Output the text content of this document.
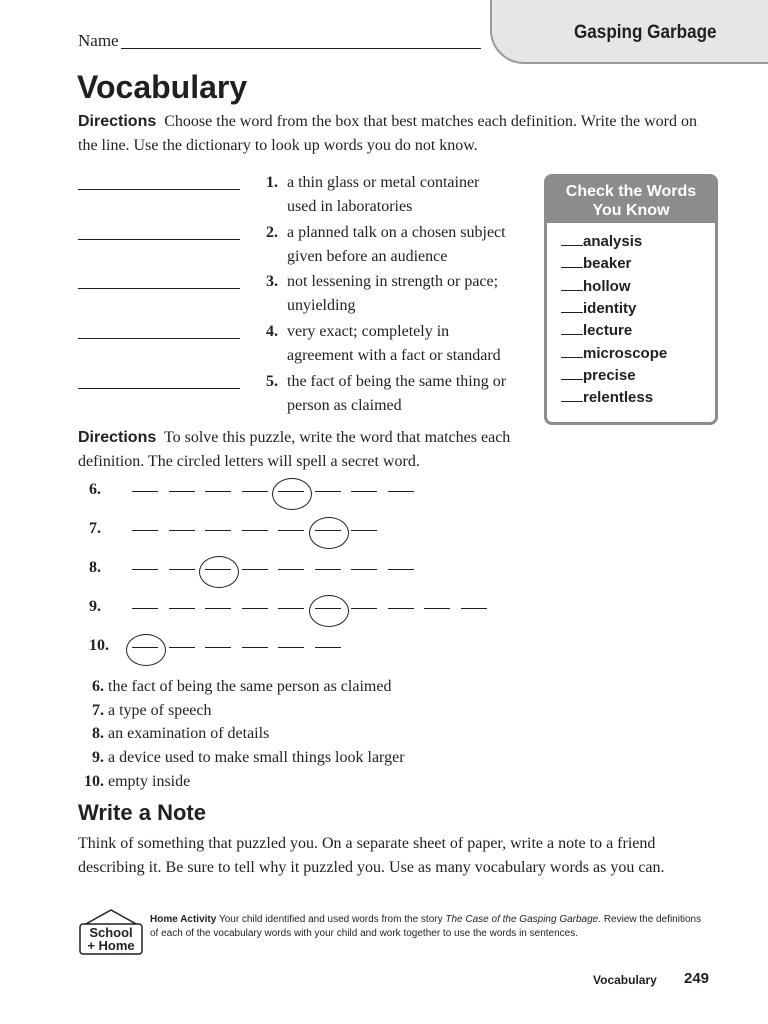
Gasping Garbage
Name
Vocabulary
Directions Choose the word from the box that best matches each definition. Write the word on the line. Use the dictionary to look up words you do not know.
1. a thin glass or metal container
used in laboratories
2. a planned talk on a chosen subject
given before an audience
3. not lessening in strength or pace;
unyielding
4. very exact; completely in
agreement with a fact or standard
5. the fact of being the same thing or
person as claimed
Check the Words
You Know
analysis
beaker
hollow
identity
lecture
microscope
precise
relentless
Directions To solve this puzzle, write the word that matches each definition. The circled letters will spell a secret word.
6.
7.
8.
9.
10.
6. the fact of being the same person as claimed
7. a type of speech
8. an examination of details
9. a device used to make small things look larger
10. empty inside
Write a Note
Think of something that puzzled you. On a separate sheet of paper, write a note to a friend describing it. Be sure to tell why it puzzled you. Use as many vocabulary words as you can.
School
+ Home
Home Activity Your child identified and used words from the story The Case of the Gasping Garbage. Review the definitions of each of the vocabulary words with your child and work together to use the words in sentences.
Vocabulary 249
